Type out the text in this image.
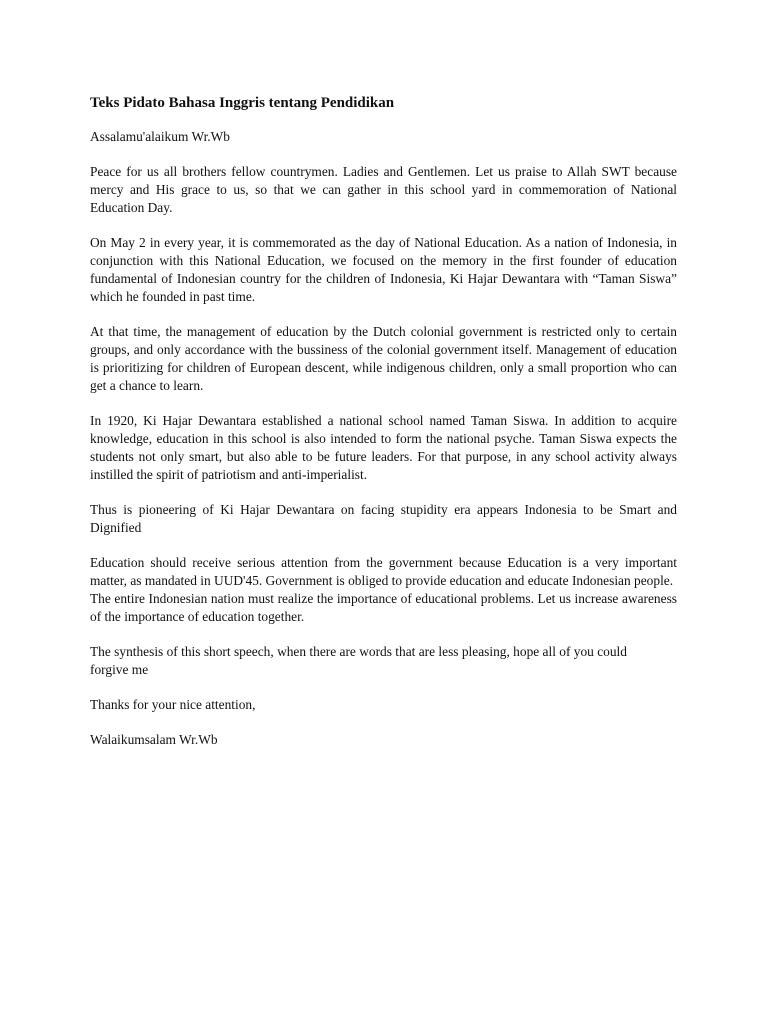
Teks Pidato Bahasa Inggris tentang Pendidikan

Assalamu'alaikum Wr.Wb

Peace for us all brothers fellow countrymen. Ladies and Gentlemen. Let us praise to Allah SWT because mercy and His grace to us, so that we can gather in this school yard in commemoration of National Education Day.

On May 2 in every year, it is commemorated as the day of National Education. As a nation of Indonesia, in conjunction with this National Education, we focused on the memory in the first founder of education fundamental of Indonesian country for the children of Indonesia, Ki Hajar Dewantara with “Taman Siswa” which he founded in past time.

At that time, the management of education by the Dutch colonial government is restricted only to certain groups, and only accordance with the bussiness of the colonial government itself. Management of education is prioritizing for children of European descent, while indigenous children, only a small proportion who can get a chance to learn.

In 1920, Ki Hajar Dewantara established a national school named Taman Siswa. In addition to acquire knowledge, education in this school is also intended to form the national psyche. Taman Siswa expects the students not only smart, but also able to be future leaders. For that purpose, in any school activity always instilled the spirit of patriotism and anti-imperialist.

Thus is pioneering of Ki Hajar Dewantara on facing stupidity era appears Indonesia to be Smart and Dignified

Education should receive serious attention from the government because Education is a very important matter, as mandated in UUD'45. Government is obliged to provide education and educate Indonesian people.

The entire Indonesian nation must realize the importance of educational problems. Let us increase awareness of the importance of education together.

The synthesis of this short speech, when there are words that are less pleasing, hope all of you could
forgive me

Thanks for your nice attention,

Walaikumsalam Wr.Wb
